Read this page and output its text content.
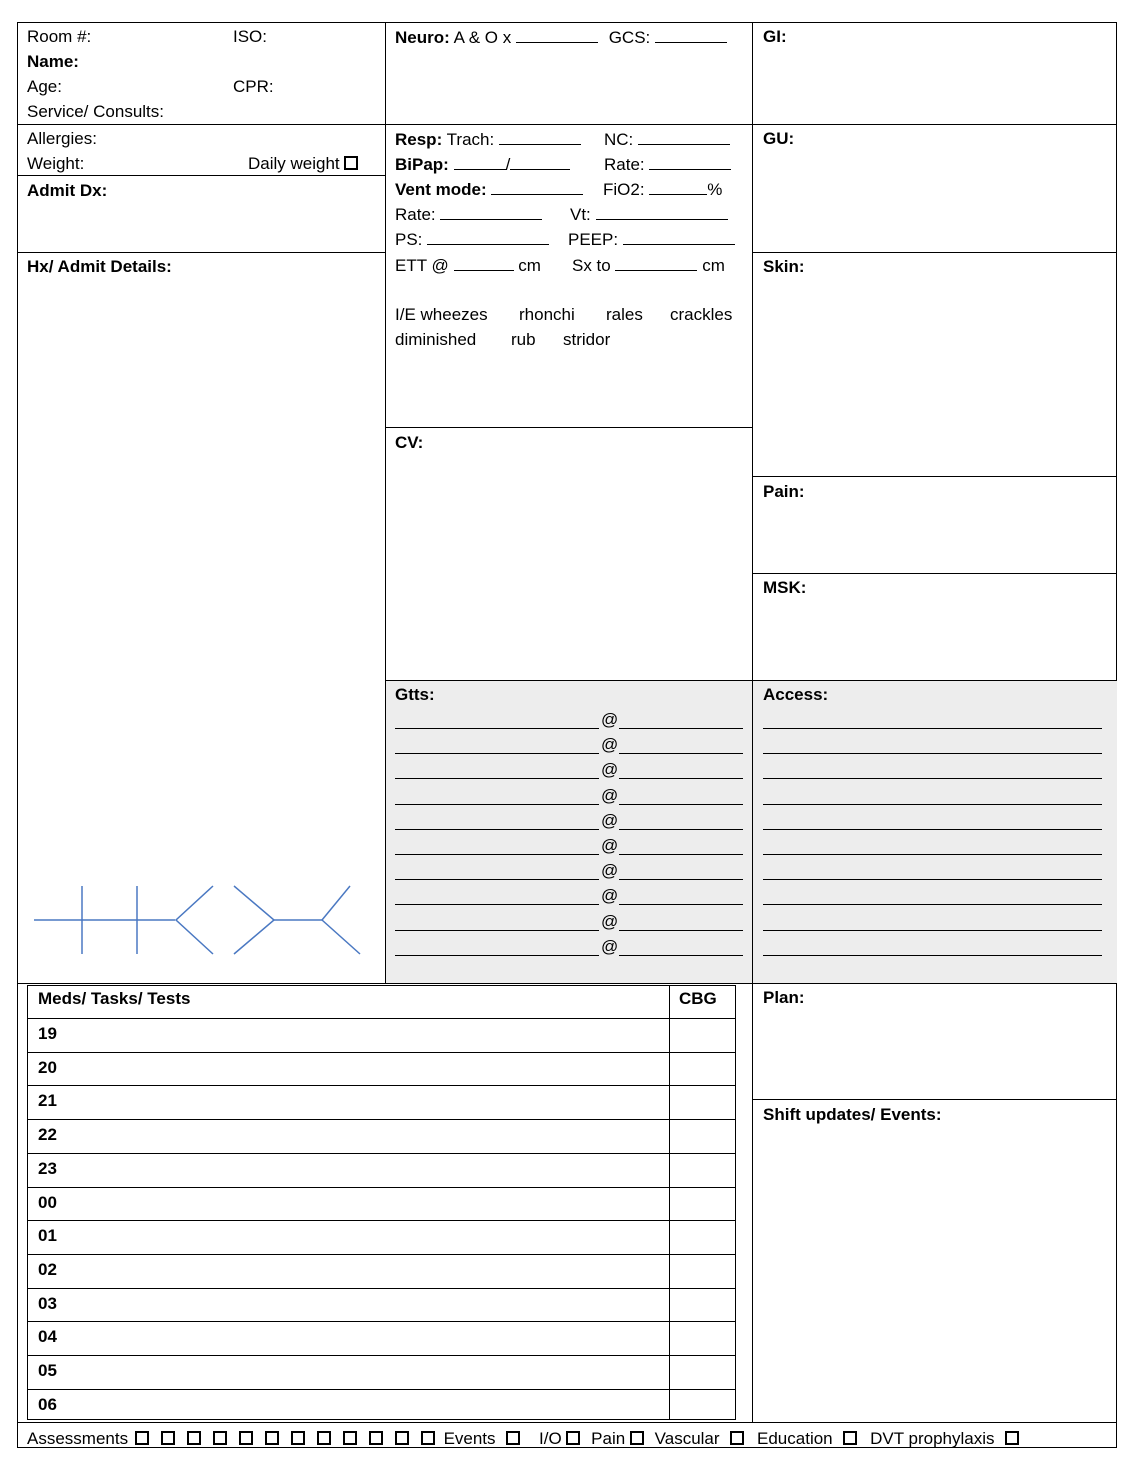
Room #:	ISO:
Name:
Age:	CPR:
Service/ Consults:
Allergies:
Weight:	Daily weight
Admit Dx:
Hx/ Admit Details:
Neuro: A & O x	GCS:
Resp: Trach:	NC:
BiPap:	/	Rate:
Vent mode:	FiO2:	%
Rate:	Vt:
PS:	PEEP:
ETT @	cm Sx to	cm
I/E wheezes rhonchi rales crackles
diminished rub stridor
CV:
Gtts:
@
@
@
@
@
@
@
@
@
@
GI:
GU:
Skin:
Pain:
MSK:
Access:
Plan:
Shift updates/ Events:
Meds/ Tasks/ Tests	CBG
19
20
21
22
23
00
01
02
03
04
05
06
Assessments	Events	I/O Pain Vascular Education DVT prophylaxis
